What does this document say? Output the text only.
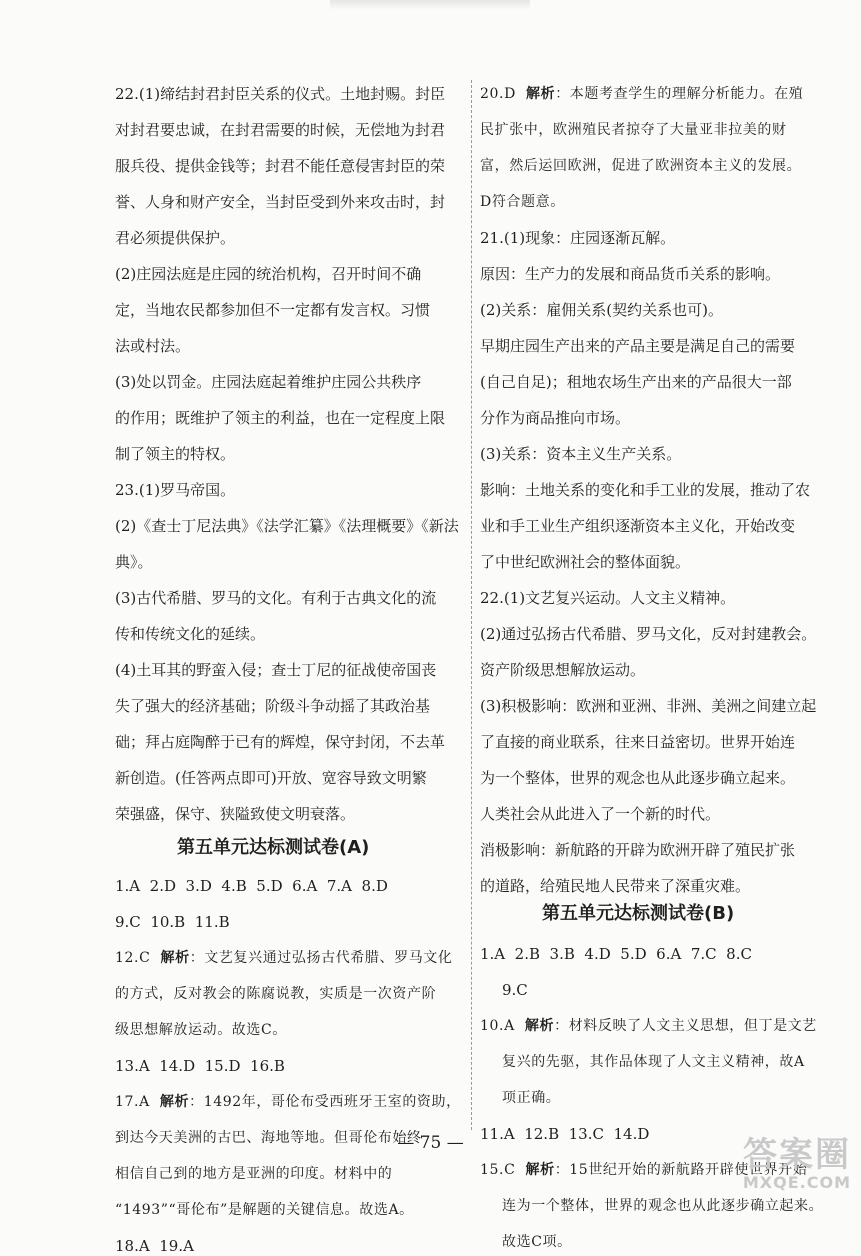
22.(1)缔结封君封臣关系的仪式。土地封赐。封臣
对封君要忠诚，在封君需要的时候，无偿地为封君
服兵役、提供金钱等；封君不能任意侵害封臣的荣
誉、人身和财产安全，当封臣受到外来攻击时，封
君必须提供保护。
(2)庄园法庭是庄园的统治机构，召开时间不确
定，当地农民都参加但不一定都有发言权。习惯
法或村法。
(3)处以罚金。庄园法庭起着维护庄园公共秩序
的作用；既维护了领主的利益，也在一定程度上限
制了领主的特权。
23.(1)罗马帝国。
(2)《查士丁尼法典》《法学汇纂》《法理概要》《新法
典》。
(3)古代希腊、罗马的文化。有利于古典文化的流
传和传统文化的延续。
(4)土耳其的野蛮入侵；查士丁尼的征战使帝国丧
失了强大的经济基础；阶级斗争动摇了其政治基
础；拜占庭陶醉于已有的辉煌，保守封闭，不去革
新创造。(任答两点即可)开放、宽容导致文明繁
荣强盛，保守、狭隘致使文明衰落。
第五单元达标测试卷(A)
1.A  2.D  3.D  4.B  5.D  6.A  7.A  8.D
9.C  10.B  11.B
12.C 解析：文艺复兴通过弘扬古代希腊、罗马文化
的方式，反对教会的陈腐说教，实质是一次资产阶
级思想解放运动。故选C。
13.A  14.D  15.D  16.B
17.A 解析：1492年，哥伦布受西班牙王室的资助，
到达今天美洲的古巴、海地等地。但哥伦布始终
相信自己到的地方是亚洲的印度。材料中的
“1493”“哥伦布”是解题的关键信息。故选A。
18.A  19.A
20.D 解析：本题考查学生的理解分析能力。在殖
民扩张中，欧洲殖民者掠夺了大量亚非拉美的财
富，然后运回欧洲，促进了欧洲资本主义的发展。
D符合题意。
21.(1)现象：庄园逐渐瓦解。
原因：生产力的发展和商品货币关系的影响。
(2)关系：雇佣关系(契约关系也可)。
早期庄园生产出来的产品主要是满足自己的需要
(自己自足)；租地农场生产出来的产品很大一部
分作为商品推向市场。
(3)关系：资本主义生产关系。
影响：土地关系的变化和手工业的发展，推动了农
业和手工业生产组织逐渐资本主义化，开始改变
了中世纪欧洲社会的整体面貌。
22.(1)文艺复兴运动。人文主义精神。
(2)通过弘扬古代希腊、罗马文化，反对封建教会。
资产阶级思想解放运动。
(3)积极影响：欧洲和亚洲、非洲、美洲之间建立起
了直接的商业联系，往来日益密切。世界开始连
为一个整体，世界的观念也从此逐步确立起来。
人类社会从此进入了一个新的时代。
消极影响：新航路的开辟为欧洲开辟了殖民扩张
的道路，给殖民地人民带来了深重灾难。
第五单元达标测试卷(B)
1.A  2.B  3.B  4.D  5.D  6.A  7.C  8.C
9.C
10.A 解析：材料反映了人文主义思想，但丁是文艺
复兴的先驱，其作品体现了人文主义精神，故A
项正确。
11.A  12.B  13.C  14.D
15.C 解析：15世纪开始的新航路开辟使世界开始
连为一个整体，世界的观念也从此逐步确立起来。
故选C项。
— 75 —	答案圈
MXQE.COM
